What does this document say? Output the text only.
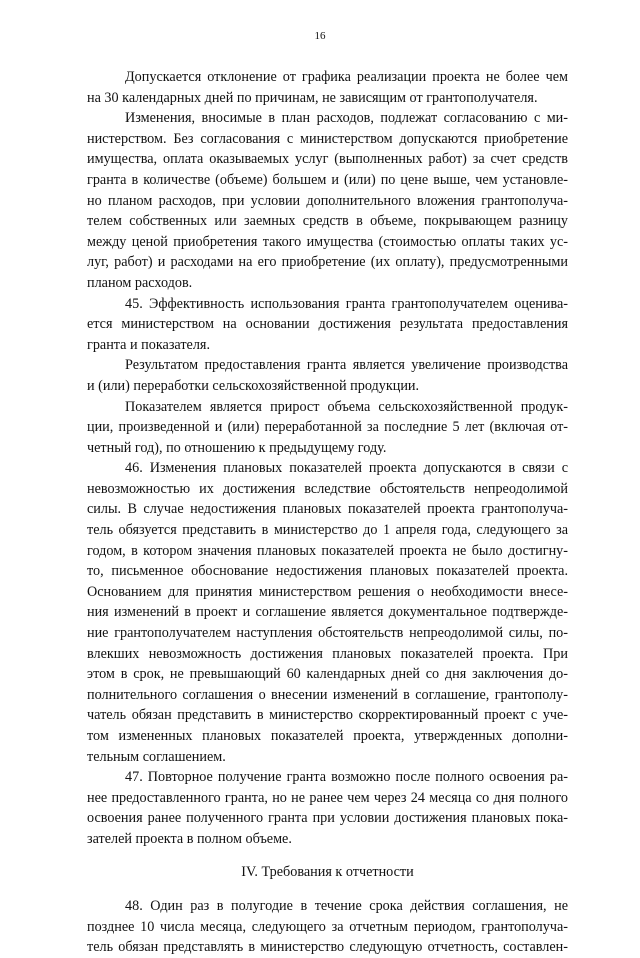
16
Допускается отклонение от графика реализации проекта не более чем
на 30 календарных дней по причинам, не зависящим от грантополучателя.
Изменения, вносимые в план расходов, подлежат согласованию с ми-
нистерством. Без согласования с министерством допускаются приобретение
имущества, оплата оказываемых услуг (выполненных работ) за счет средств
гранта в количестве (объеме) большем и (или) по цене выше, чем установле-
но планом расходов, при условии дополнительного вложения грантополуча-
телем собственных или заемных средств в объеме, покрывающем разницу
между ценой приобретения такого имущества (стоимостью оплаты таких ус-
луг, работ) и расходами на его приобретение (их оплату), предусмотренными
планом расходов.
45. Эффективность использования гранта грантополучателем оценива-
ется министерством на основании достижения результата предоставления
гранта и показателя.
Результатом предоставления гранта является увеличение производства
и (или) переработки сельскохозяйственной продукции.
Показателем является прирост объема сельскохозяйственной продук-
ции, произведенной и (или) переработанной за последние 5 лет (включая от-
четный год), по отношению к предыдущему году.
46. Изменения плановых показателей проекта допускаются в связи с
невозможностью их достижения вследствие обстоятельств непреодолимой
силы. В случае недостижения плановых показателей проекта грантополуча-
тель обязуется представить в министерство до 1 апреля года, следующего за
годом, в котором значения плановых показателей проекта не было достигну-
то, письменное обоснование недостижения плановых показателей проекта.
Основанием для принятия министерством решения о необходимости внесе-
ния изменений в проект и соглашение является документальное подтвержде-
ние грантополучателем наступления обстоятельств непреодолимой силы, по-
влекших невозможность достижения плановых показателей проекта. При
этом в срок, не превышающий 60 календарных дней со дня заключения до-
полнительного соглашения о внесении изменений в соглашение, грантополу-
чатель обязан представить в министерство скорректированный проект с уче-
том измененных плановых показателей проекта, утвержденных дополни-
тельным соглашением.
47. Повторное получение гранта возможно после полного освоения ра-
нее предоставленного гранта, но не ранее чем через 24 месяца со дня полного
освоения ранее полученного гранта при условии достижения плановых пока-
зателей проекта в полном объеме.
IV. Требования к отчетности
48. Один раз в полугодие в течение срока действия соглашения, не
позднее 10 числа месяца, следующего за отчетным периодом, грантополуча-
тель обязан представлять в министерство следующую отчетность, составлен-
